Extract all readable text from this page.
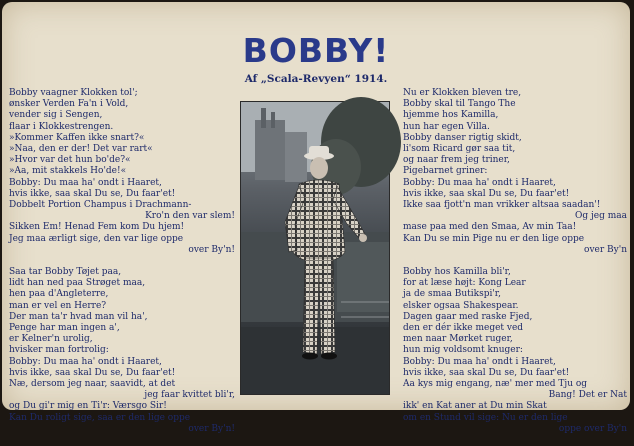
BOBBY!
Af „Scala-Revyen“ 1914.
Bobby vaagner Klokken tol';
ønsker Verden Fa'n i Vold,
vender sig i Sengen,
flaar i Klokkestrengen.
»Kommer Kaffen ikke snart?«
»Naa, den er der! Det var rart«
»Hvor var det hun bo'de?«
»Aa, mit stakkels Ho'de!«
Bobby: Du maa ha' ondt i Haaret,
hvis ikke, saa skal Du se, Du faar'et!
Dobbelt Portion Champus i Drachmann-
Kro'n den var slem!
Sikken Em! Henad Fem kom Du hjem!
Jeg maa ærligt sige, den var lige oppe
over By'n!
Saa tar Bobby Tøjet paa,
lidt han ned paa Strøget maa,
hen paa d'Angleterre,
man er vel en Herre?
Der man ta'r hvad man vil ha',
Penge har man ingen a',
er Kelner'n urolig,
hvisker man fortrolig:
Bobby: Du maa ha' ondt i Haaret,
hvis ikke, saa skal Du se, Du faar'et!
Næ, dersom jeg naar, saavidt, at det
jeg faar kvittet bli'r,
og Du gi'r mig en Ti'r: Værsgo Sir!
Kan Du roligt sige, saa er den lige oppe
over By'n!
Nu er Klokken bleven tre,
Bobby skal til Tango The
hjemme hos Kamilla,
hun har egen Villa.
Bobby danser rigtig skidt,
li'som Ricard gør saa tit,
og naar frem jeg triner,
Pigebarnet griner:
Bobby: Du maa ha' ondt i Haaret,
hvis ikke, saa skal Du se, Du faar'et!
Ikke saa fjott'n man vrikker altsaa saadan'!
Og jeg maa
mase paa med den Smaa, Av min Taa!
Kan Du se min Pige nu er den lige oppe
over By'n
Bobby hos Kamilla bli'r,
for at læse højt: Kong Lear
ja de smaa Butikspi'r,
elsker ogsaa Shakespear.
Dagen gaar med raske Fjed,
den er dér ikke meget ved
men naar Mørket ruger,
hun mig voldsomt knuger:
Bobby: Du maa ha' ondt i Haaret,
hvis ikke, saa skal Du se, Du faar'et!
Aa kys mig engang, næ' mer med Tju og
Bang! Det er Nat
ikk' en Kat aner at Du min Skat
om en Stund vil sige: Nu er den lige
oppe over By'n
